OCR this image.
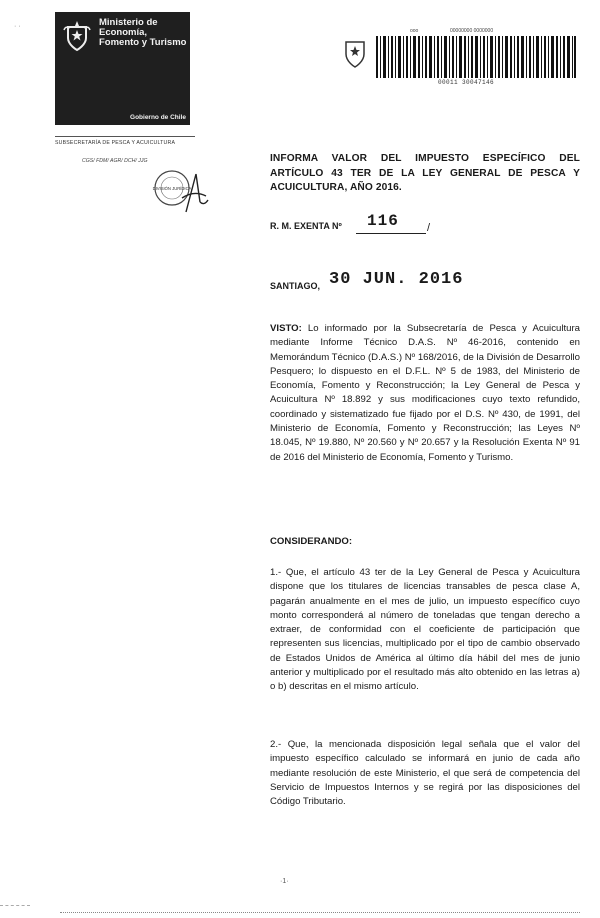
· ·	Ministerio de Economía, Fomento y Turismo
Gobierno de Chile
SUBSECRETARÍA DE PESCA Y ACUICULTURA
CGS/ FDM/ AGR/ DCH/ JJG
DIVISIÓN JURÍDICA
ooo	00000000 0000000
00011 30047146
INFORMA VALOR DEL IMPUESTO ESPECÍFICO DEL ARTÍCULO 43 TER DE LA LEY GENERAL DE PESCA Y ACUICULTURA, AÑO 2016.
R. M. EXENTA Nº 116	/
SANTIAGO, 30 JUN. 2016
VISTO: Lo informado por la Subsecretaría de Pesca y Acuicultura mediante Informe Técnico D.A.S. Nº 46-2016, contenido en Memorándum Técnico (D.A.S.) Nº 168/2016, de la División de Desarrollo Pesquero; lo dispuesto en el D.F.L. Nº 5 de 1983, del Ministerio de Economía, Fomento y Reconstrucción; la Ley General de Pesca y Acuicultura Nº 18.892 y sus modificaciones cuyo texto refundido, coordinado y sistematizado fue fijado por el D.S. Nº 430, de 1991, del Ministerio de Economía, Fomento y Reconstrucción; las Leyes Nº 18.045, Nº 19.880, Nº 20.560 y Nº 20.657 y la Resolución Exenta Nº 91 de 2016 del Ministerio de Economía, Fomento y Turismo.
CONSIDERANDO:
1.- Que, el artículo 43 ter de la Ley General de Pesca y Acuicultura dispone que los titulares de licencias transables de pesca clase A, pagarán anualmente en el mes de julio, un impuesto específico cuyo monto corresponderá al número de toneladas que tengan derecho a extraer, de conformidad con el coeficiente de participación que representen sus licencias, multiplicado por el tipo de cambio observado de Estados Unidos de América al último día hábil del mes de junio anterior y multiplicado por el resultado más alto obtenido en las letras a) o b) descritas en el mismo artículo.
2.- Que, la mencionada disposición legal señala que el valor del impuesto específico calculado se informará en junio de cada año mediante resolución de este Ministerio, el que será de competencia del Servicio de Impuestos Internos y se regirá por las disposiciones del Código Tributario.
·1·
